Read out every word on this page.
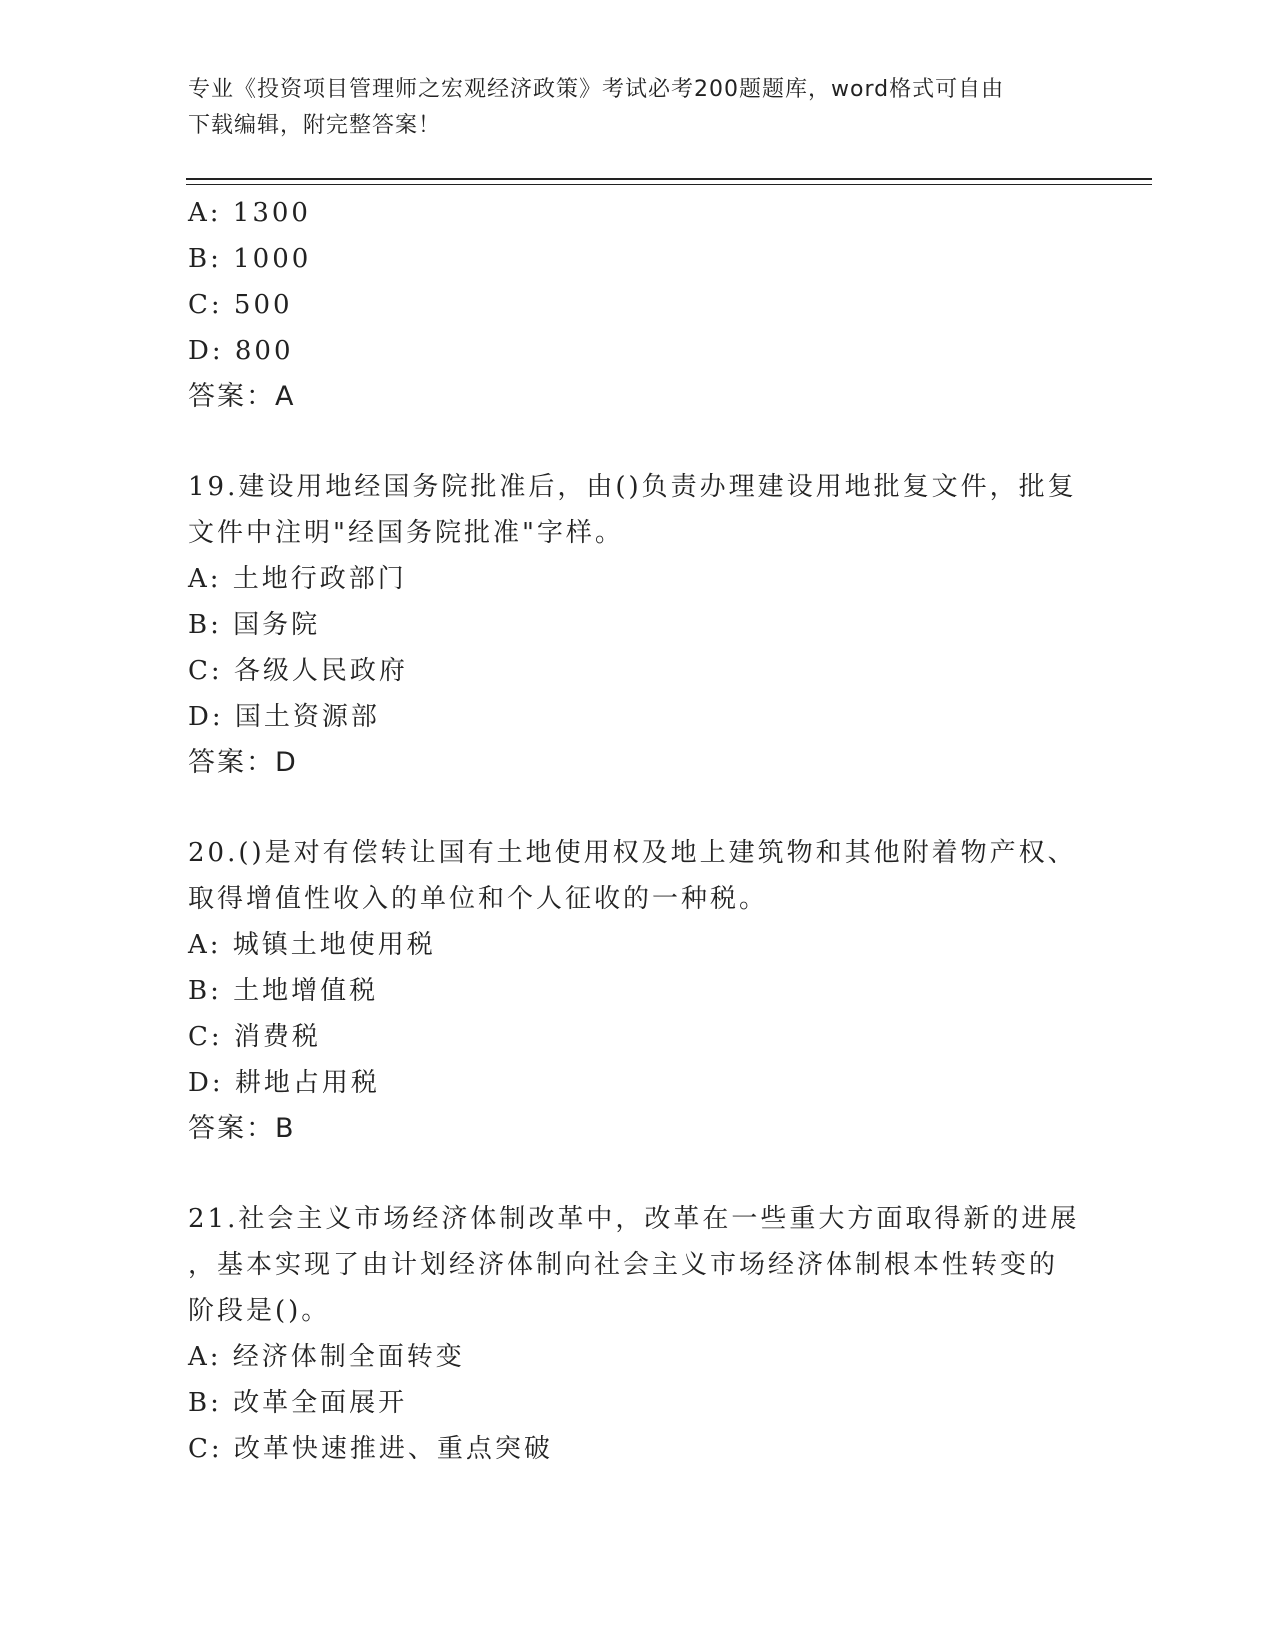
专业《投资项目管理师之宏观经济政策》考试必考200题题库，word格式可自由
下载编辑，附完整答案！
A: 1300
B: 1000
C: 500
D: 800
答案：A
19.建设用地经国务院批准后，由()负责办理建设用地批复文件，批复
文件中注明"经国务院批准"字样。
A: 土地行政部门
B: 国务院
C: 各级人民政府
D: 国土资源部
答案：D
20.()是对有偿转让国有土地使用权及地上建筑物和其他附着物产权、
取得增值性收入的单位和个人征收的一种税。
A: 城镇土地使用税
B: 土地增值税
C: 消费税
D: 耕地占用税
答案：B
21.社会主义市场经济体制改革中，改革在一些重大方面取得新的进展
，基本实现了由计划经济体制向社会主义市场经济体制根本性转变的
阶段是()。
A: 经济体制全面转变
B: 改革全面展开
C: 改革快速推进、重点突破
